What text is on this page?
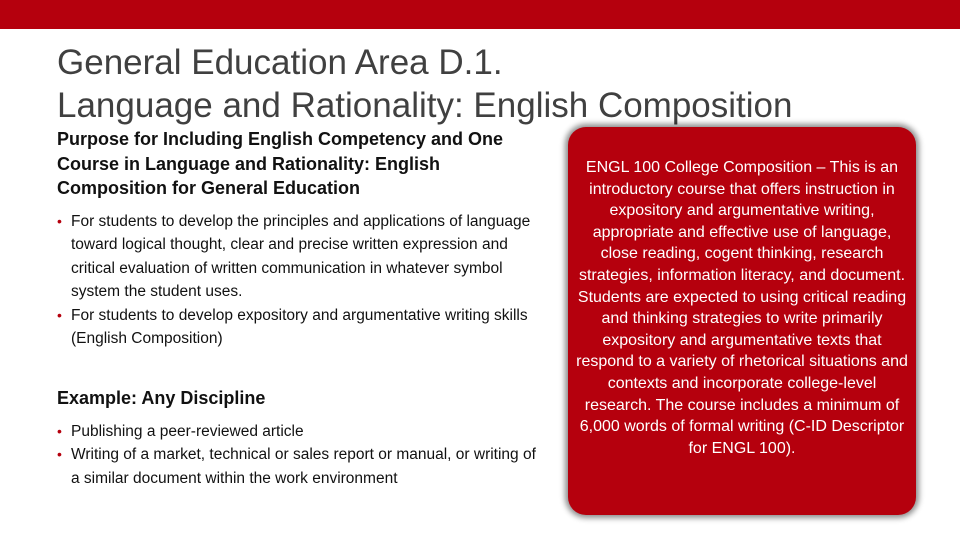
General Education Area D.1.
Language and Rationality: English Composition

Purpose for Including English Competency and One Course in Language and Rationality: English Composition for General Education

• For students to develop the principles and applications of language toward logical thought, clear and precise written expression and critical evaluation of written communication in whatever symbol system the student uses.
• For students to develop expository and argumentative writing skills (English Composition)

Example: Any Discipline

• Publishing a peer-reviewed article
• Writing of a market, technical or sales report or manual, or writing of a similar document within the work environment

ENGL 100 College Composition – This is an introductory course that offers instruction in expository and argumentative writing, appropriate and effective use of language, close reading, cogent thinking, research strategies, information literacy, and document. Students are expected to using critical reading and thinking strategies to write primarily expository and argumentative texts that respond to a variety of rhetorical situations and contexts and incorporate college-level research. The course includes a minimum of 6,000 words of formal writing (C-ID Descriptor for ENGL 100).
